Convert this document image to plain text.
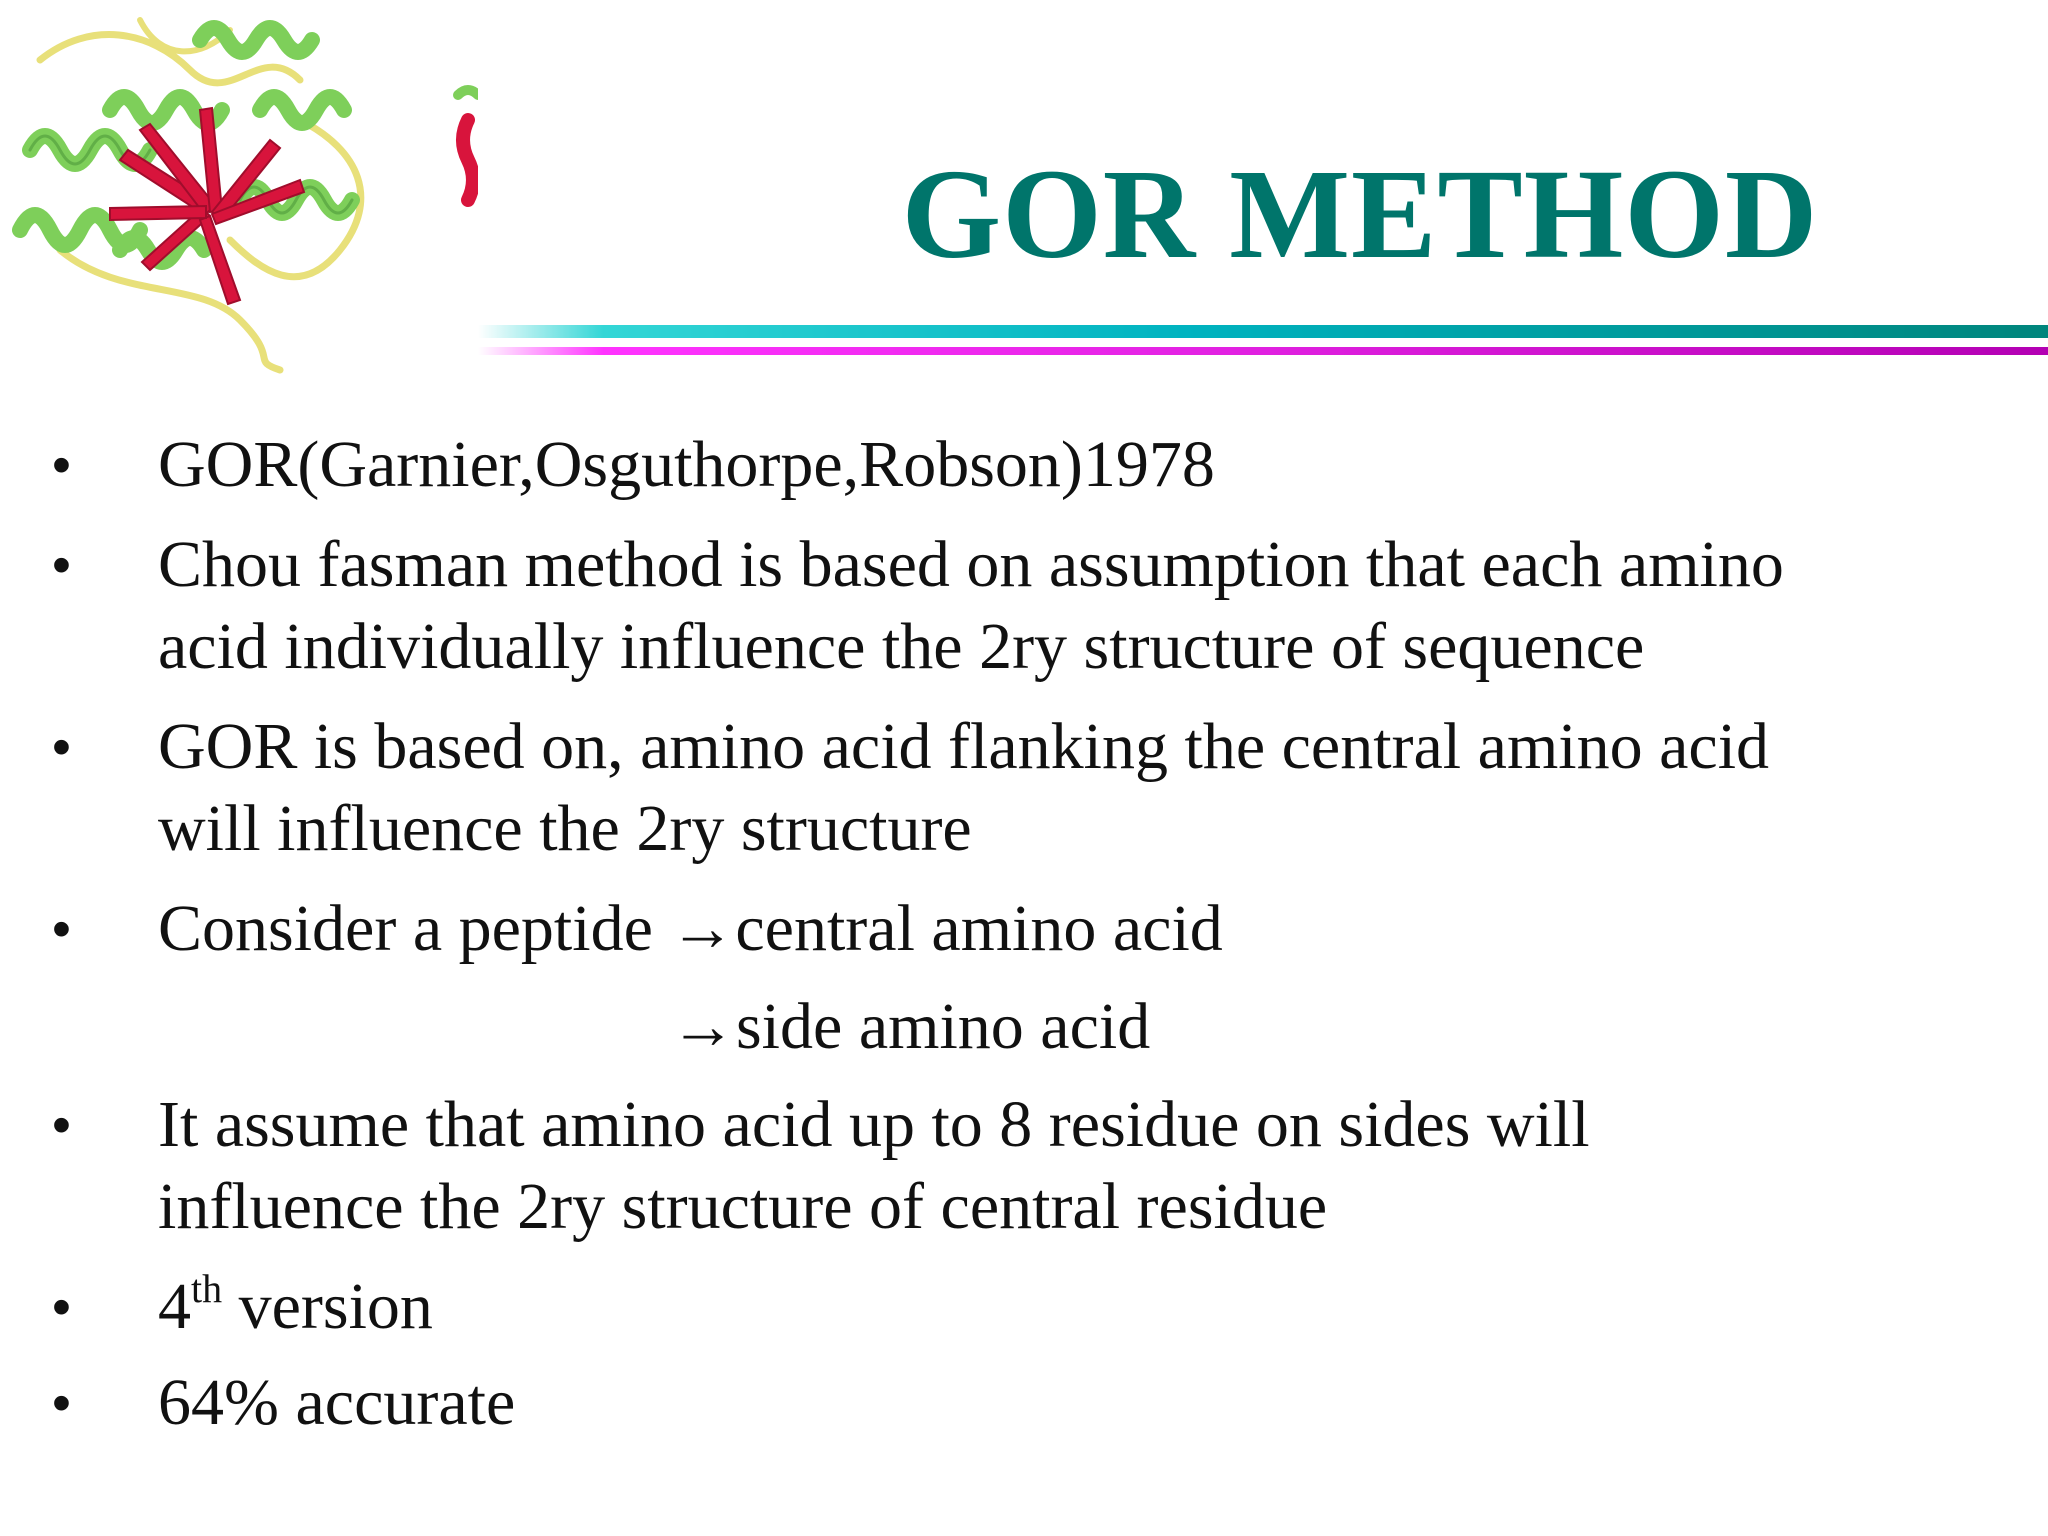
GOR METHOD
• GOR(Garnier,Osguthorpe,Robson)1978
• Chou fasman method is based on assumption that each amino
acid individually influence the 2ry structure of sequence
• GOR is based on, amino acid flanking the central amino acid
will influence the 2ry structure
• Consider a peptide →central amino acid
→side amino acid
• It assume that amino acid up to 8 residue on sides will
influence the 2ry structure of central residue
• 4th version
• 64% accurate
